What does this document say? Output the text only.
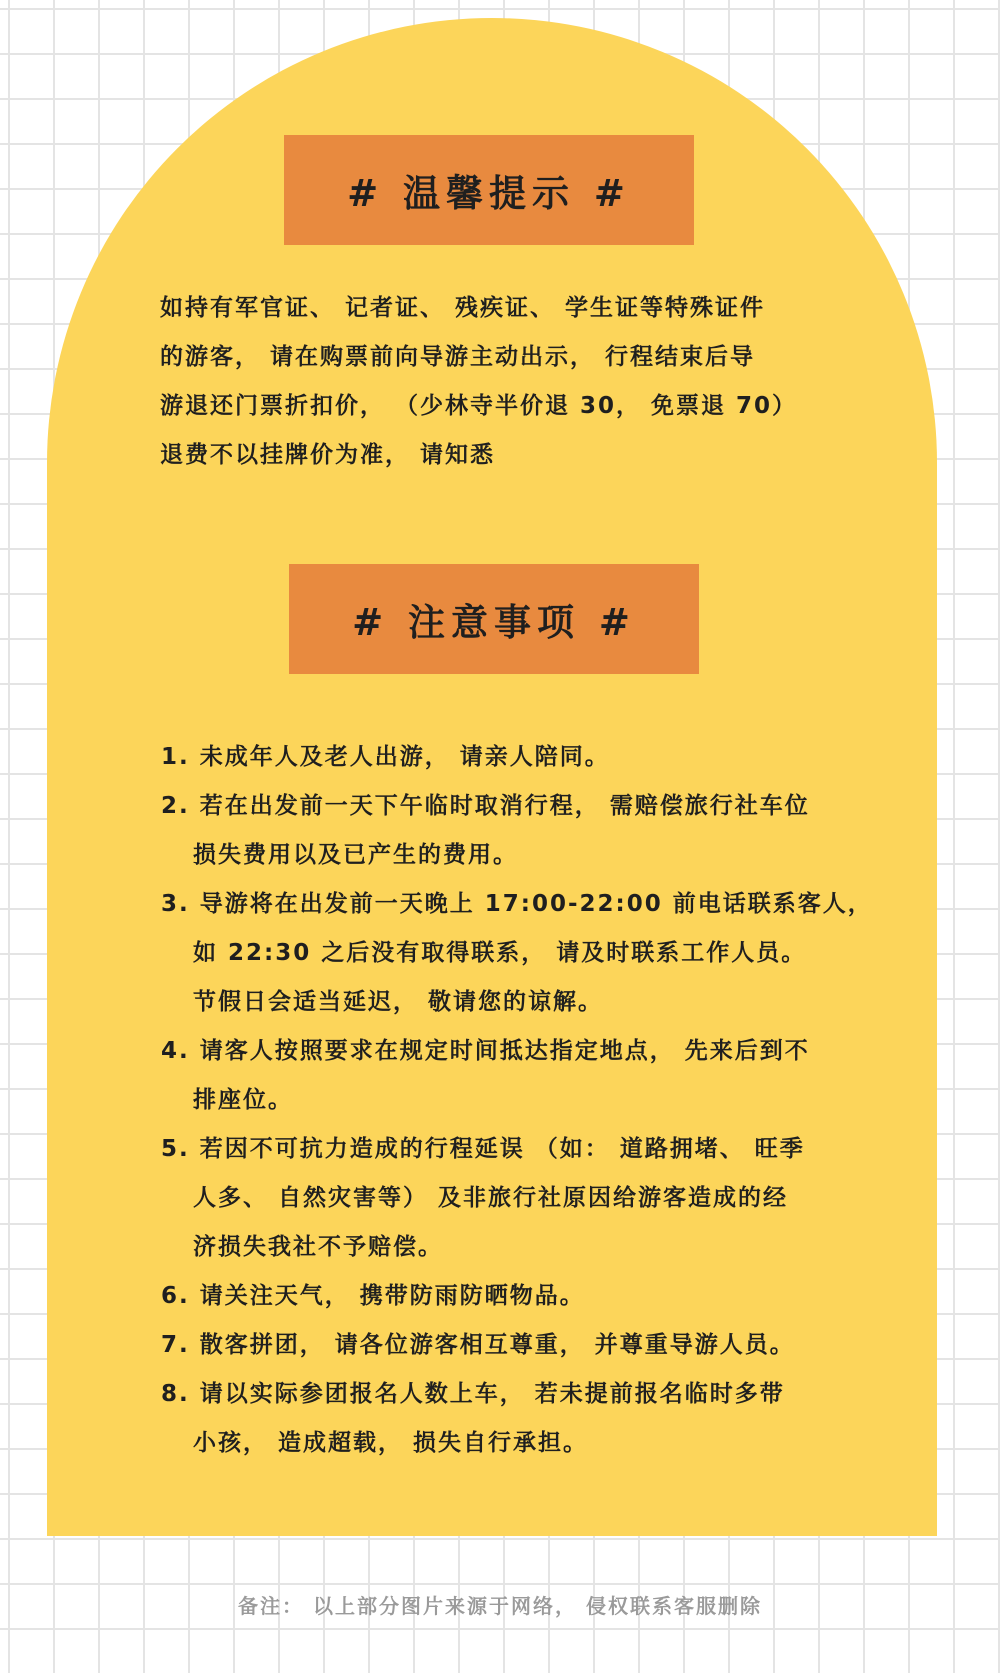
# 温馨提示 #

如持有军官证、 记者证、 残疾证、 学生证等特殊证件

的游客， 请在购票前向导游主动出示， 行程结束后导

游退还门票折扣价， （少林寺半价退 30， 免票退 70）

退费不以挂牌价为准， 请知悉

# 注意事项 #
1. 未成年人及老人出游， 请亲人陪同。
2. 若在出发前一天下午临时取消行程， 需赔偿旅行社车位
损失费用以及已产生的费用。
3. 导游将在出发前一天晚上 17:00-22:00 前电话联系客人，
如 22:30 之后没有取得联系， 请及时联系工作人员。
节假日会适当延迟， 敬请您的谅解。
4. 请客人按照要求在规定时间抵达指定地点， 先来后到不
排座位。
5. 若因不可抗力造成的行程延误 （如： 道路拥堵、 旺季
人多、 自然灾害等） 及非旅行社原因给游客造成的经
济损失我社不予赔偿。
6. 请关注天气， 携带防雨防晒物品。
7. 散客拼团， 请各位游客相互尊重， 并尊重导游人员。
8. 请以实际参团报名人数上车， 若未提前报名临时多带
小孩， 造成超载， 损失自行承担。
备注： 以上部分图片来源于网络， 侵权联系客服删除
